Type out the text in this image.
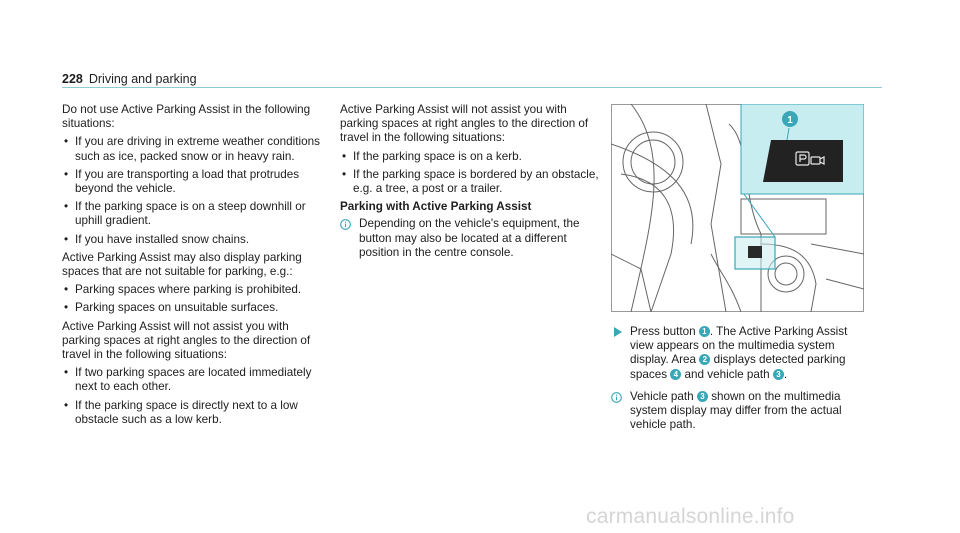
228 Driving and parking

Do not use Active Parking Assist in the following situations:

• If you are driving in extreme weather conditions such as ice, packed snow or in heavy rain.
• If you are transporting a load that protrudes beyond the vehicle.
• If the parking space is on a steep downhill or uphill gradient.
• If you have installed snow chains.

Active Parking Assist may also display parking spaces that are not suitable for parking, e.g.:

• Parking spaces where parking is prohibited.
• Parking spaces on unsuitable surfaces.

Active Parking Assist will not assist you with parking spaces at right angles to the direction of travel in the following situations:

• If two parking spaces are located immediately next to each other.
• If the parking space is directly next to a low obstacle such as a low kerb.

Active Parking Assist will not assist you with parking spaces at right angles to the direction of travel in the following situations:

• If the parking space is on a kerb.
• If the parking space is bordered by an obstacle, e.g. a tree, a post or a trailer.
Parking with Active Parking Assist
Depending on the vehicle's equipment, the button may also be located at a different position in the centre console.
1
Press button 1 . The Active Parking Assist view appears on the multimedia system display. Area 2 displays detected parking spaces 4 and vehicle path 3 .
Vehicle path 3 shown on the multimedia system display may differ from the actual vehicle path.
carmanualsonline.info
